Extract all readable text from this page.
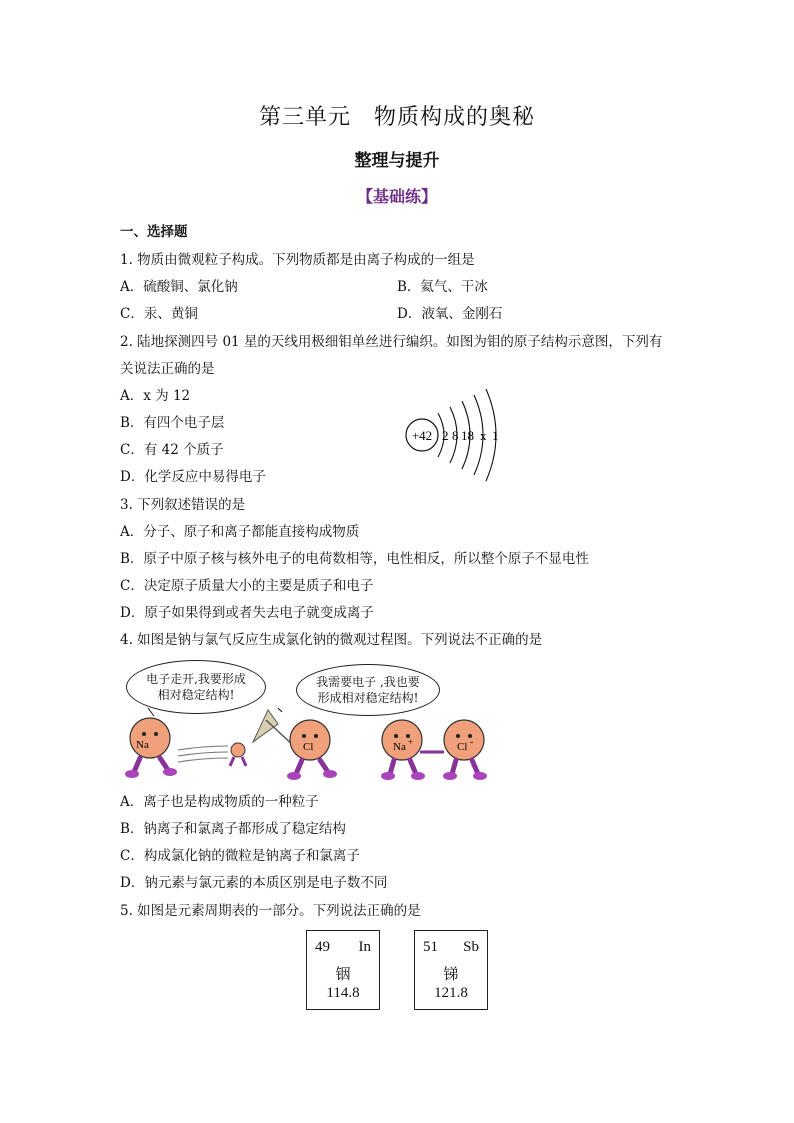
第三单元　物质构成的奥秘
整理与提升
【基础练】
一、选择题
1. 物质由微观粒子构成。下列物质都是由离子构成的一组是
A．硫酸铜、氯化钠	B．氦气、干冰
C．汞、黄铜	D．液氧、金刚石
2. 陆地探测四号 01 星的天线用极细钼单丝进行编织。如图为钼的原子结构示意图，下列有
关说法正确的是
A．x 为 12
B．有四个电子层
C．有 42 个质子
D．化学反应中易得电子
+42 2 8 18 x 1
3. 下列叙述错误的是
A．分子、原子和离子都能直接构成物质
B．原子中原子核与核外电子的电荷数相等，电性相反，所以整个原子不显电性
C．决定原子质量大小的主要是质子和电子
D．原子如果得到或者失去电子就变成离子
4. 如图是钠与氯气反应生成氯化钠的微观过程图。下列说法不正确的是
电子走开,我要形成
相对稳定结构!
我需要电子 ,我也要
形成相对稳定结构!
Na	Cl	Na +	Cl -
A．离子也是构成物质的一种粒子
B．钠离子和氯离子都形成了稳定结构
C．构成氯化钠的微粒是钠离子和氯离子
D．钠元素与氯元素的本质区别是电子数不同
5. 如图是元素周期表的一部分。下列说法正确的是
49 In
铟
114.8
51 Sb
锑
121.8
